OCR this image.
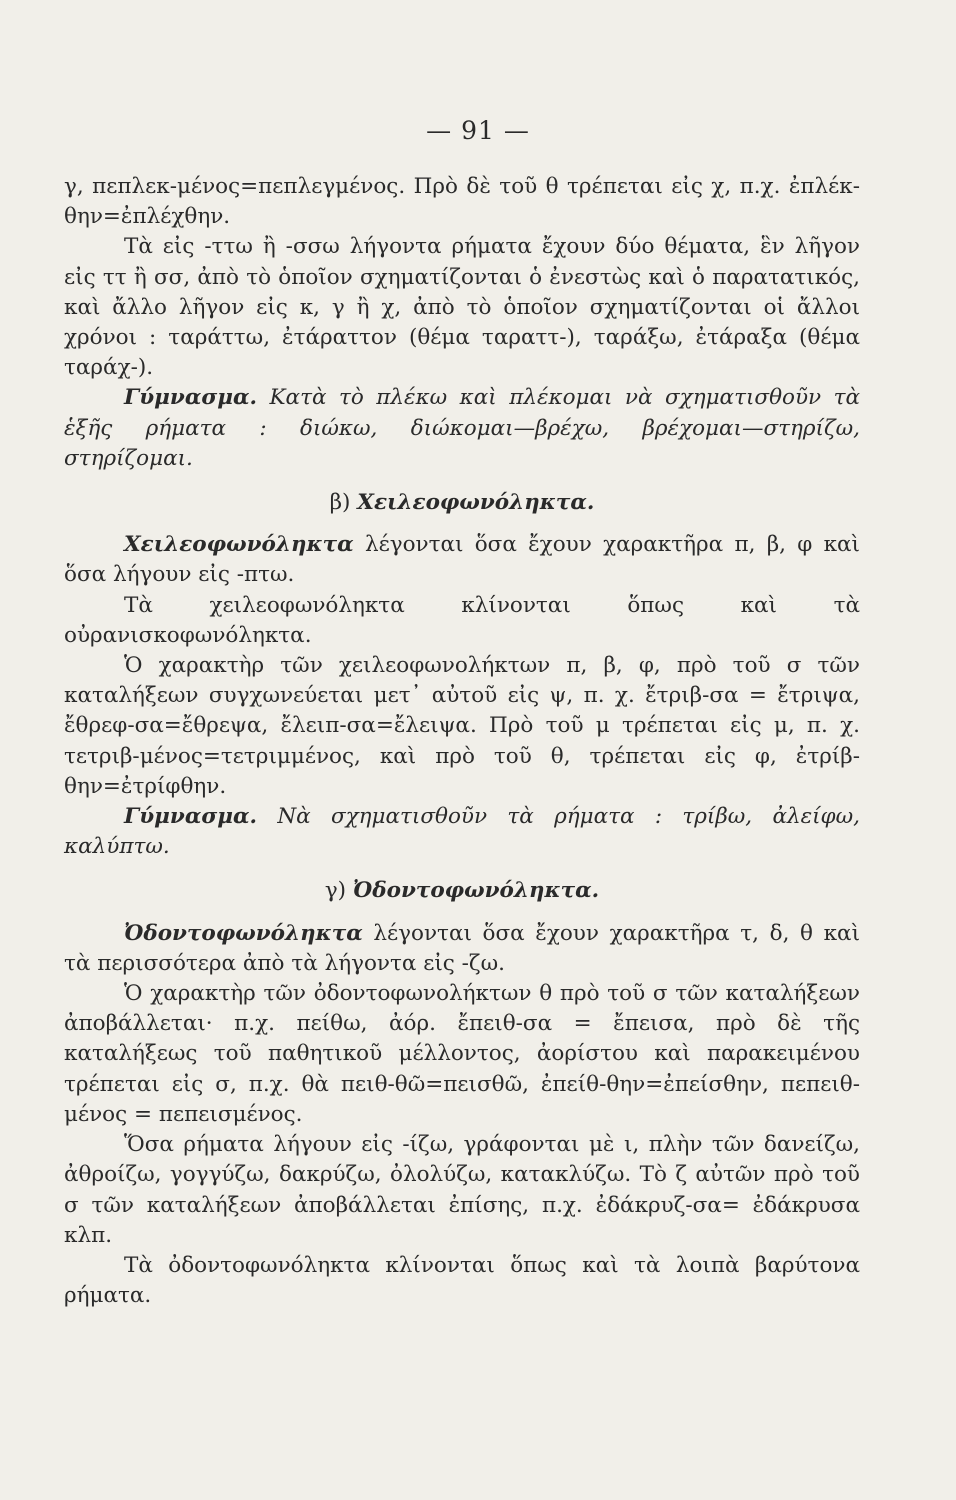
— 91 —

γ, πεπλεκ-μένος=πεπλεγμένος. Πρὸ δὲ τοῦ θ τρέπεται εἰς χ, π.χ. ἐπλέκ-θην=ἐπλέχθην.

Τὰ εἰς -ττω ἢ -σσω λήγοντα ρήματα ἔχουν δύο θέματα, ἓν λῆγον εἰς ττ ἢ σσ, ἀπὸ τὸ ὁποῖον σχηματίζονται ὁ ἐνεστὼς καὶ ὁ παρατατικός, καὶ ἄλλο λῆγον εἰς κ, γ ἢ χ, ἀπὸ τὸ ὁποῖον σχηματίζονται οἱ ἄλλοι χρόνοι : ταράττω, ἐτάραττον (θέμα ταραττ-), ταράξω, ἐτάραξα (θέμα ταράχ-).

Γύμνασμα. Κατὰ τὸ πλέκω καὶ πλέκομαι νὰ σχηματισθοῦν τὰ ἑξῆς ρήματα : διώκω, διώκομαι—βρέχω, βρέχομαι—στηρίζω, στηρίζομαι.

β) Χειλεοφωνόληκτα.

Χειλεοφωνόληκτα λέγονται ὅσα ἔχουν χαρακτῆρα π, β, φ καὶ ὅσα λήγουν εἰς -πτω.

Τὰ χειλεοφωνόληκτα κλίνονται ὅπως καὶ τὰ οὐρανισκοφωνόληκτα.

Ὁ χαρακτὴρ τῶν χειλεοφωνολήκτων π, β, φ, πρὸ τοῦ σ τῶν καταλήξεων συγχωνεύεται μετ᾿ αὐτοῦ εἰς ψ, π. χ. ἔτριβ-σα = ἔτριψα, ἔθρεφ-σα=ἔθρεψα, ἔλειπ-σα=ἔλειψα. Πρὸ τοῦ μ τρέπεται εἰς μ, π. χ. τετριβ-μένος=τετριμμένος, καὶ πρὸ τοῦ θ, τρέπεται εἰς φ, ἐτρίβ-θην=ἐτρίφθην.

Γύμνασμα. Νὰ σχηματισθοῦν τὰ ρήματα : τρίβω, ἀλείφω, καλύπτω.

γ) Ὀδοντοφωνόληκτα.

Ὀδοντοφωνόληκτα λέγονται ὅσα ἔχουν χαρακτῆρα τ, δ, θ καὶ τὰ περισσότερα ἀπὸ τὰ λήγοντα εἰς -ζω.

Ὁ χαρακτὴρ τῶν ὀδοντοφωνολήκτων θ πρὸ τοῦ σ τῶν καταλήξεων ἀποβάλλεται· π.χ. πείθω, ἀόρ. ἔπειθ-σα = ἔπεισα, πρὸ δὲ τῆς καταλήξεως τοῦ παθητικοῦ μέλλοντος, ἀορίστου καὶ παρακειμένου τρέπεται εἰς σ, π.χ. θὰ πειθ-θῶ=πεισθῶ, ἐπείθ-θην=ἐπείσθην, πεπειθ-μένος = πεπεισμένος.

Ὅσα ρήματα λήγουν εἰς -ίζω, γράφονται μὲ ι, πλὴν τῶν δανείζω, ἀθροίζω, γογγύζω, δακρύζω, ὀλολύζω, κατακλύζω. Τὸ ζ αὐτῶν πρὸ τοῦ σ τῶν καταλήξεων ἀποβάλλεται ἐπίσης, π.χ. ἐδάκρυζ-σα= ἐδάκρυσα κλπ.

Τὰ ὀδοντοφωνόληκτα κλίνονται ὅπως καὶ τὰ λοιπὰ βαρύτονα ρήματα.
